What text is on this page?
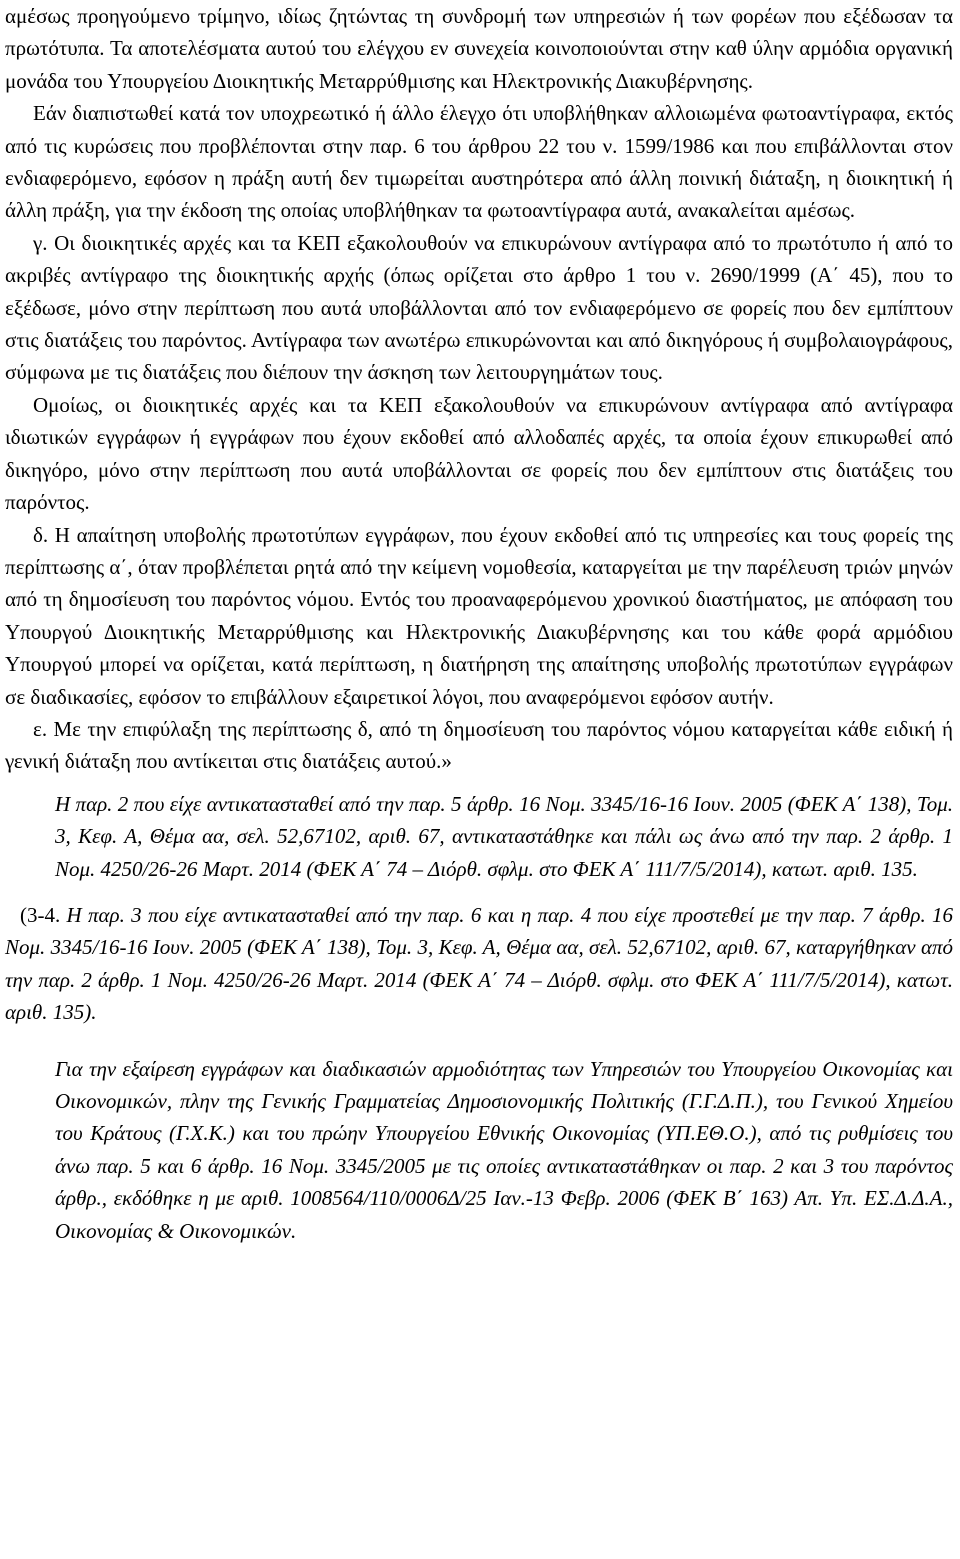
αμέσως προηγούμενο τρίμηνο, ιδίως ζητώντας τη συνδρομή των υπηρεσιών ή των φορέων που εξέδωσαν τα πρωτότυπα. Τα αποτελέσματα αυτού του ελέγχου εν συνεχεία κοινοποιούνται στην καθ ύλην αρμόδια οργανική μονάδα του Υπουργείου Διοικητικής Μεταρρύθμισης και Ηλεκτρονικής Διακυβέρνησης.

Εάν διαπιστωθεί κατά τον υποχρεωτικό ή άλλο έλεγχο ότι υποβλήθηκαν αλλοιωμένα φωτοαντίγραφα, εκτός από τις κυρώσεις που προβλέπονται στην παρ. 6 του άρθρου 22 του ν. 1599/1986 και που επιβάλλονται στον ενδιαφερόμενο, εφόσον η πράξη αυτή δεν τιμωρείται αυστηρότερα από άλλη ποινική διάταξη, η διοικητική ή άλλη πράξη, για την έκδοση της οποίας υποβλήθηκαν τα φωτοαντίγραφα αυτά, ανακαλείται αμέσως.

γ. Οι διοικητικές αρχές και τα ΚΕΠ εξακολουθούν να επικυρώνουν αντίγραφα από το πρωτότυπο ή από το ακριβές αντίγραφο της διοικητικής αρχής (όπως ορίζεται στο άρθρο 1 του ν. 2690/1999 (Α΄ 45), που το εξέδωσε, μόνο στην περίπτωση που αυτά υποβάλλονται από τον ενδιαφερόμενο σε φορείς που δεν εμπίπτουν στις διατάξεις του παρόντος. Αντίγραφα των ανωτέρω επικυρώνονται και από δικηγόρους ή συμβολαιογράφους, σύμφωνα με τις διατάξεις που διέπουν την άσκηση των λειτουργημάτων τους.

Ομοίως, οι διοικητικές αρχές και τα ΚΕΠ εξακολουθούν να επικυρώνουν αντίγραφα από αντίγραφα ιδιωτικών εγγράφων ή εγγράφων που έχουν εκδοθεί από αλλοδαπές αρχές, τα οποία έχουν επικυρωθεί από δικηγόρο, μόνο στην περίπτωση που αυτά υποβάλλονται σε φορείς που δεν εμπίπτουν στις διατάξεις του παρόντος.

δ. Η απαίτηση υποβολής πρωτοτύπων εγγράφων, που έχουν εκδοθεί από τις υπηρεσίες και τους φορείς της περίπτωσης α΄, όταν προβλέπεται ρητά από την κείμενη νομοθεσία, καταργείται με την παρέλευση τριών μηνών από τη δημοσίευση του παρόντος νόμου. Εντός του προαναφερόμενου χρονικού διαστήματος, με απόφαση του Υπουργού Διοικητικής Μεταρρύθμισης και Ηλεκτρονικής Διακυβέρνησης και του κάθε φορά αρμόδιου Υπουργού μπορεί να ορίζεται, κατά περίπτωση, η διατήρηση της απαίτησης υποβολής πρωτοτύπων εγγράφων σε διαδικασίες, εφόσον το επιβάλλουν εξαιρετικοί λόγοι, που αναφερόμενοι εφόσον αυτήν.

ε. Με την επιφύλαξη της περίπτωσης δ, από τη δημοσίευση του παρόντος νόμου καταργείται κάθε ειδική ή γενική διάταξη που αντίκειται στις διατάξεις αυτού.»

Η παρ. 2 που είχε αντικατασταθεί από την παρ. 5 άρθρ. 16 Νομ. 3345/16-16 Ιουν. 2005 (ΦΕΚ Α΄ 138), Τομ. 3, Κεφ. Α, Θέμα αα, σελ. 52,67102, αριθ. 67, αντικαταστάθηκε και πάλι ως άνω από την παρ. 2 άρθρ. 1 Νομ. 4250/26-26 Μαρτ. 2014 (ΦΕΚ Α΄ 74 – Διόρθ. σφλμ. στο ΦΕΚ Α΄ 111/7/5/2014), κατωτ. αριθ. 135.

(3-4. Η παρ. 3 που είχε αντικατασταθεί από την παρ. 6 και η παρ. 4 που είχε προστεθεί με την παρ. 7 άρθρ. 16 Νομ. 3345/16-16 Ιουν. 2005 (ΦΕΚ Α΄ 138), Τομ. 3, Κεφ. Α, Θέμα αα, σελ. 52,67102, αριθ. 67, καταργήθηκαν από την παρ. 2 άρθρ. 1 Νομ. 4250/26-26 Μαρτ. 2014 (ΦΕΚ Α΄ 74 – Διόρθ. σφλμ. στο ΦΕΚ Α΄ 111/7/5/2014), κατωτ. αριθ. 135).

Για την εξαίρεση εγγράφων και διαδικασιών αρμοδιότητας των Υπηρεσιών του Υπουργείου Οικονομίας και Οικονομικών, πλην της Γενικής Γραμματείας Δημοσιονομικής Πολιτικής (Γ.Γ.Δ.Π.), του Γενικού Χημείου του Κράτους (Γ.Χ.Κ.) και του πρώην Υπουργείου Εθνικής Οικονομίας (ΥΠ.ΕΘ.Ο.), από τις ρυθμίσεις του άνω παρ. 5 και 6 άρθρ. 16 Νομ. 3345/2005 με τις οποίες αντικαταστάθηκαν οι παρ. 2 και 3 του παρόντος άρθρ., εκδόθηκε η με αριθ. 1008564/110/0006Δ/25 Ιαν.-13 Φεβρ. 2006 (ΦΕΚ Β΄ 163) Απ. Υπ. ΕΣ.Δ.Δ.Α., Οικονομίας & Οικονομικών.
